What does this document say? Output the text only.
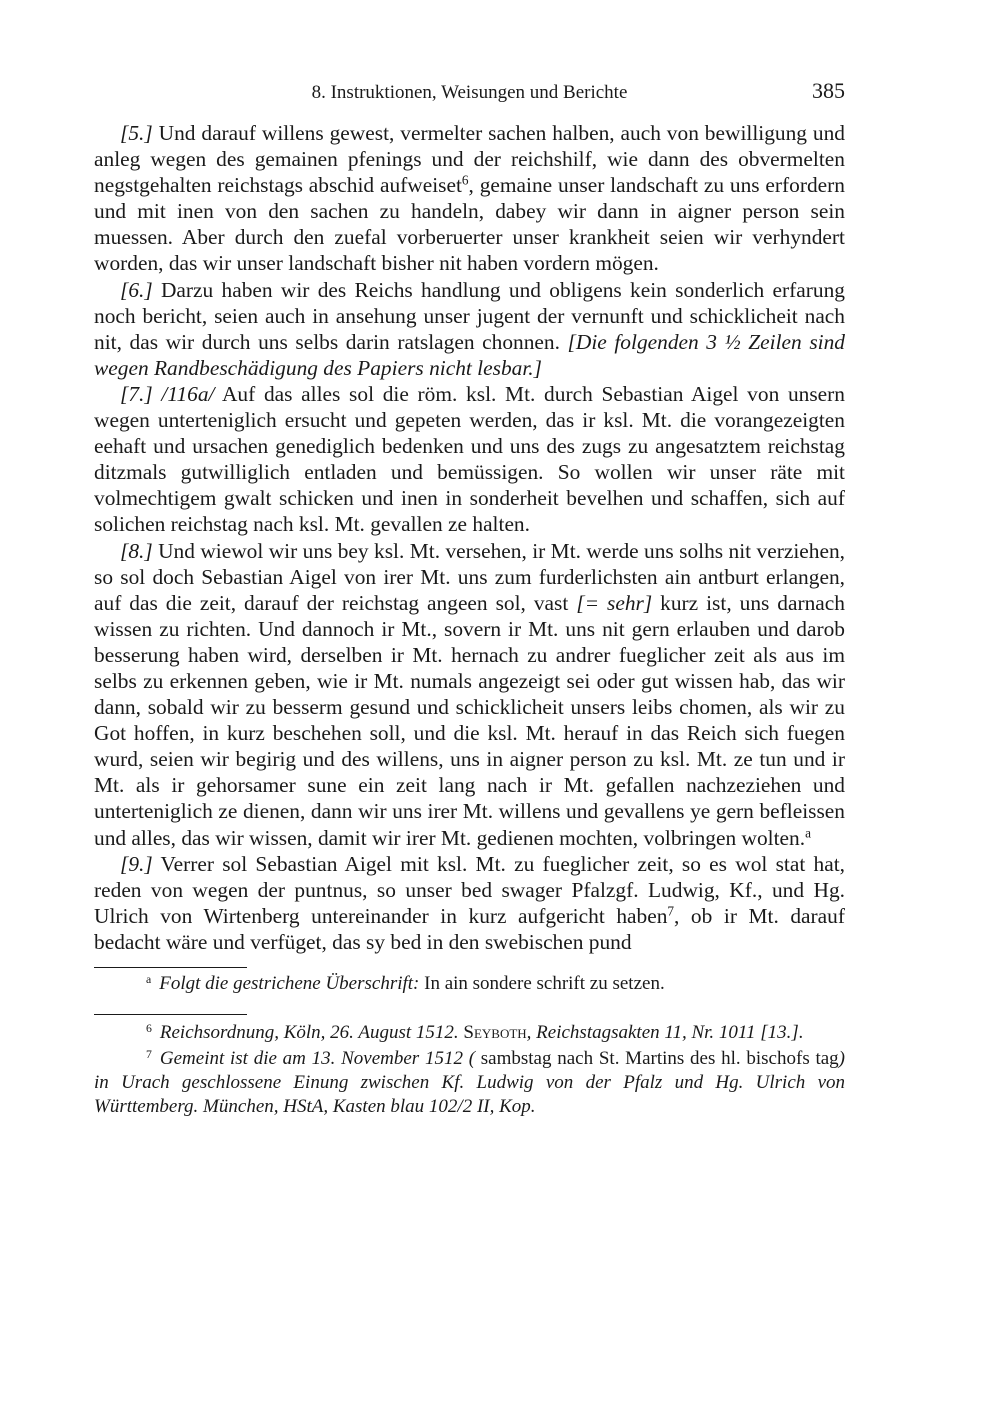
8. Instruktionen, Weisungen und Berichte	385

[5.] Und darauf willens gewest, vermelter sachen halben, auch von bewilligung und anleg wegen des gemainen pfenings und der reichshilf, wie dann des obvermelten negstgehalten reichstags abschid aufweiset$^6$, gemaine unser landschaft zu uns erfordern und mit inen von den sachen zu handeln, dabey wir dann in aigner person sein muessen. Aber durch den zuefal vorberuerter unser krankheit seien wir verhyndert worden, das wir unser landschaft bisher nit haben vordern mögen.

[6.] Darzu haben wir des Reichs handlung und obligens kein sonderlich erfarung noch bericht, seien auch in ansehung unser jugent der vernunft und schicklicheit nach nit, das wir durch uns selbs darin ratslagen chonnen. [Die folgenden 3 ½ Zeilen sind wegen Randbeschädigung des Papiers nicht lesbar.]

[7.] /116a/ Auf das alles sol die röm. ksl. Mt. durch Sebastian Aigel von unsern wegen unterteniglich ersucht und gepeten werden, das ir ksl. Mt. die vorangezeigten eehaft und ursachen genediglich bedenken und uns des zugs zu angesatztem reichstag ditzmals gutwilliglich entladen und bemüssigen. So wollen wir unser räte mit volmechtigem gwalt schicken und inen in sonderheit bevelhen und schaffen, sich auf solichen reichstag nach ksl. Mt. gevallen ze halten.

[8.] Und wiewol wir uns bey ksl. Mt. versehen, ir Mt. werde uns solhs nit verziehen, so sol doch Sebastian Aigel von irer Mt. uns zum furderlichsten ain antburt erlangen, auf das die zeit, darauf der reichstag angeen sol, vast [= sehr] kurz ist, uns darnach wissen zu richten. Und dannoch ir Mt., sovern ir Mt. uns nit gern erlauben und darob besserung haben wird, derselben ir Mt. hernach zu andrer fueglicher zeit als aus im selbs zu erkennen geben, wie ir Mt. numals angezeigt sei oder gut wissen hab, das wir dann, sobald wir zu besserm gesund und schicklicheit unsers leibs chomen, als wir zu Got hoffen, in kurz beschehen soll, und die ksl. Mt. herauf in das Reich sich fuegen wurd, seien wir begirig und des willens, uns in aigner person zu ksl. Mt. ze tun und ir Mt. als ir gehorsamer sune ein zeit lang nach ir Mt. gefallen nachzeziehen und unterteniglich ze dienen, dann wir uns irer Mt. willens und gevallens ye gern befleissen und alles, das wir wissen, damit wir irer Mt. gedienen mochten, volbringen wolten.$^a$

[9.] Verrer sol Sebastian Aigel mit ksl. Mt. zu fueglicher zeit, so es wol stat hat, reden von wegen der puntnus, so unser bed swager Pfalzgf. Ludwig, Kf., und Hg. Ulrich von Wirtenberg untereinander in kurz aufgericht haben$^7$, ob ir Mt. darauf bedacht wäre und verfüget, das sy bed in den swebischen pund

$^a$ Folgt die gestrichene Überschrift: In ain sondere schrift zu setzen.
$^6$ Reichsordnung, Köln, 26. August 1512. Seyboth, Reichstagsakten 11, Nr. 1011 [13.].
$^7$ Gemeint ist die am 13. November 1512 ( sambstag nach St. Martins des hl. bischofs tag) in Urach geschlossene Einung zwischen Kf. Ludwig von der Pfalz und Hg. Ulrich von Württemberg. München, HStA, Kasten blau 102/2 II, Kop.
